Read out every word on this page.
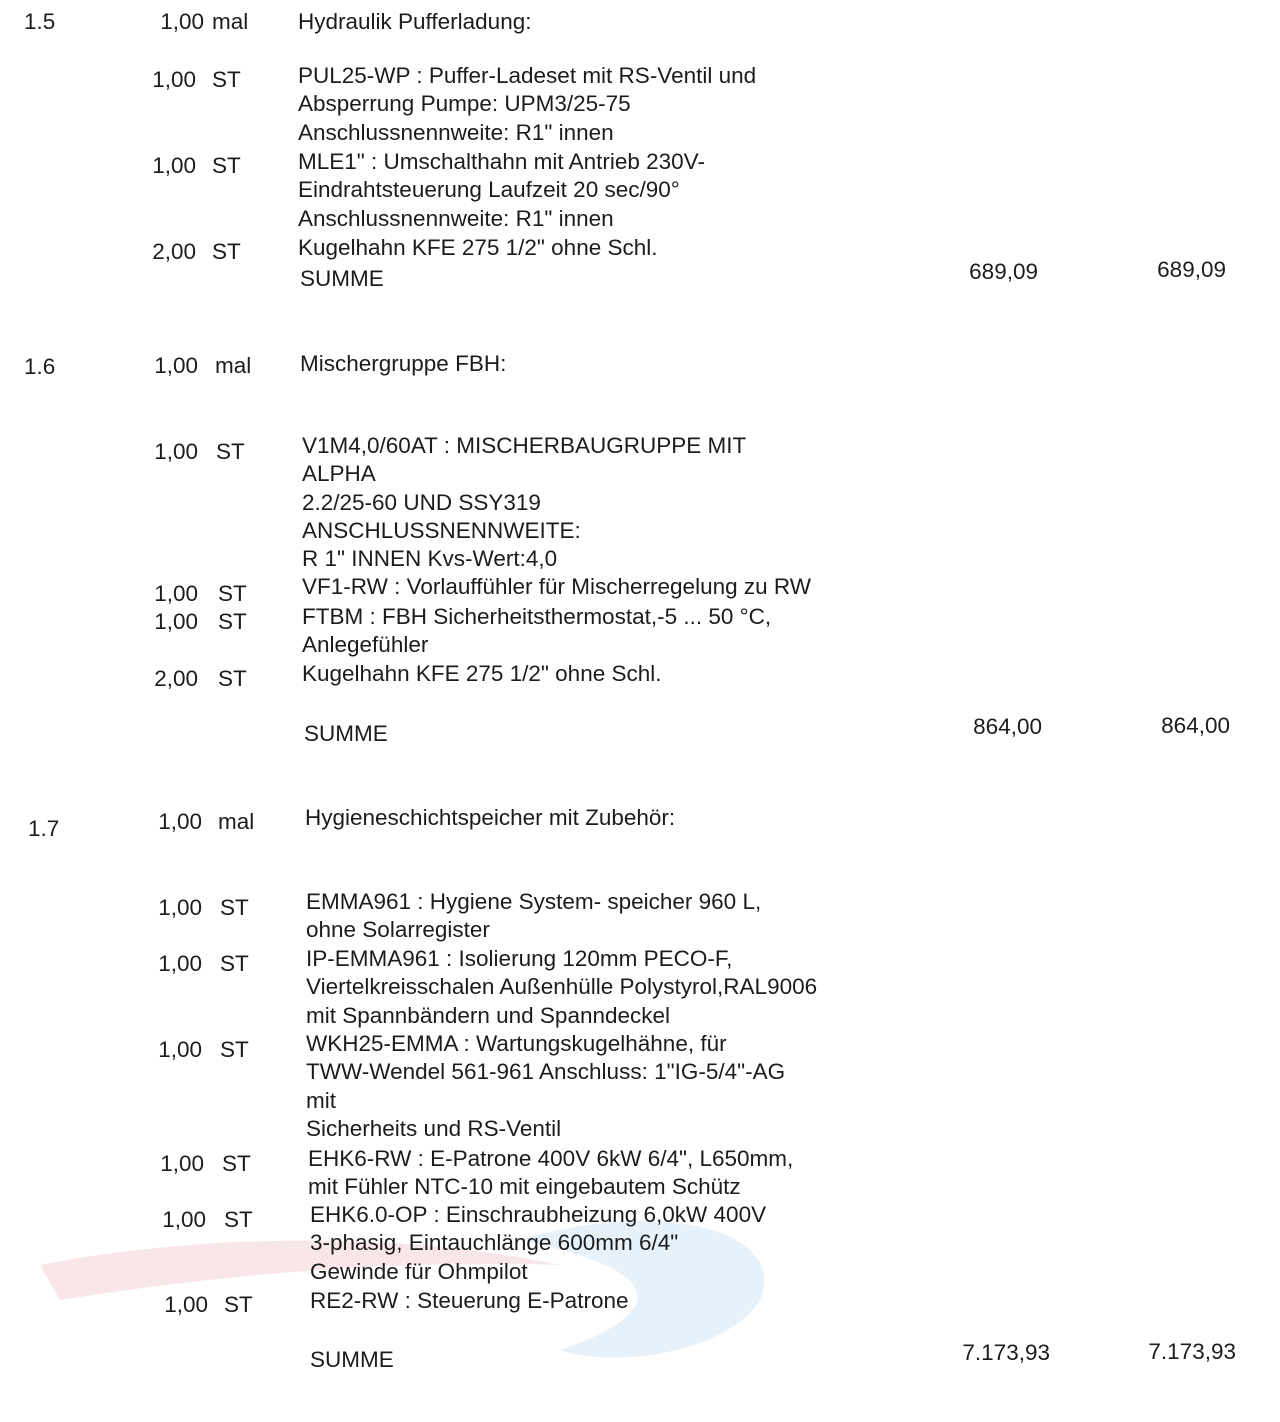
1.5	1,00 mal Hydraulik Pufferladung:
1,00 ST	PUL25-WP : Puffer-Ladeset mit RS-Ventil und
Absperrung Pumpe: UPM3/25-75
Anschlussnennweite: R1" innen
1,00 ST	MLE1" : Umschalthahn mit Antrieb 230V-
Eindrahtsteuerung Laufzeit 20 sec/90°
Anschlussnennweite: R1" innen
2,00 ST	Kugelhahn KFE 275 1/2" ohne Schl.
SUMME	689,09	689,09
1.6	1,00 mal Mischergruppe FBH:
1,00 ST	V1M4,0/60AT : MISCHERBAUGRUPPE MIT
ALPHA
2.2/25-60 UND SSY319
ANSCHLUSSNENNWEITE:
R 1" INNEN Kvs-Wert:4,0
1,00 ST VF1-RW : Vorlauffühler für Mischerregelung zu RW
1,00 ST FTBM : FBH Sicherheitsthermostat,-5 ... 50 °C,
Anlegefühler
2,00 ST Kugelhahn KFE 275 1/2" ohne Schl.
SUMME	864,00	864,00
1.7	1,00 mal Hygieneschichtspeicher mit Zubehör:
1,00 ST	EMMA961 : Hygiene System- speicher 960 L,
ohne Solarregister
1,00 ST	IP-EMMA961 : Isolierung 120mm PECO-F,
Viertelkreisschalen Außenhülle Polystyrol,RAL9006
mit Spannbändern und Spanndeckel
1,00 ST	WKH25-EMMA : Wartungskugelhähne, für
TWW-Wendel 561-961 Anschluss: 1"IG-5/4"-AG
mit
Sicherheits und RS-Ventil
1,00 ST	EHK6-RW : E-Patrone 400V 6kW 6/4", L650mm,
mit Fühler NTC-10 mit eingebautem Schütz
1,00 ST	EHK6.0-OP : Einschraubheizung 6,0kW 400V
3-phasig, Eintauchlänge 600mm 6/4"
Gewinde für Ohmpilot
1,00 ST	RE2-RW : Steuerung E-Patrone
SUMME	7.173,93	7.173,93
